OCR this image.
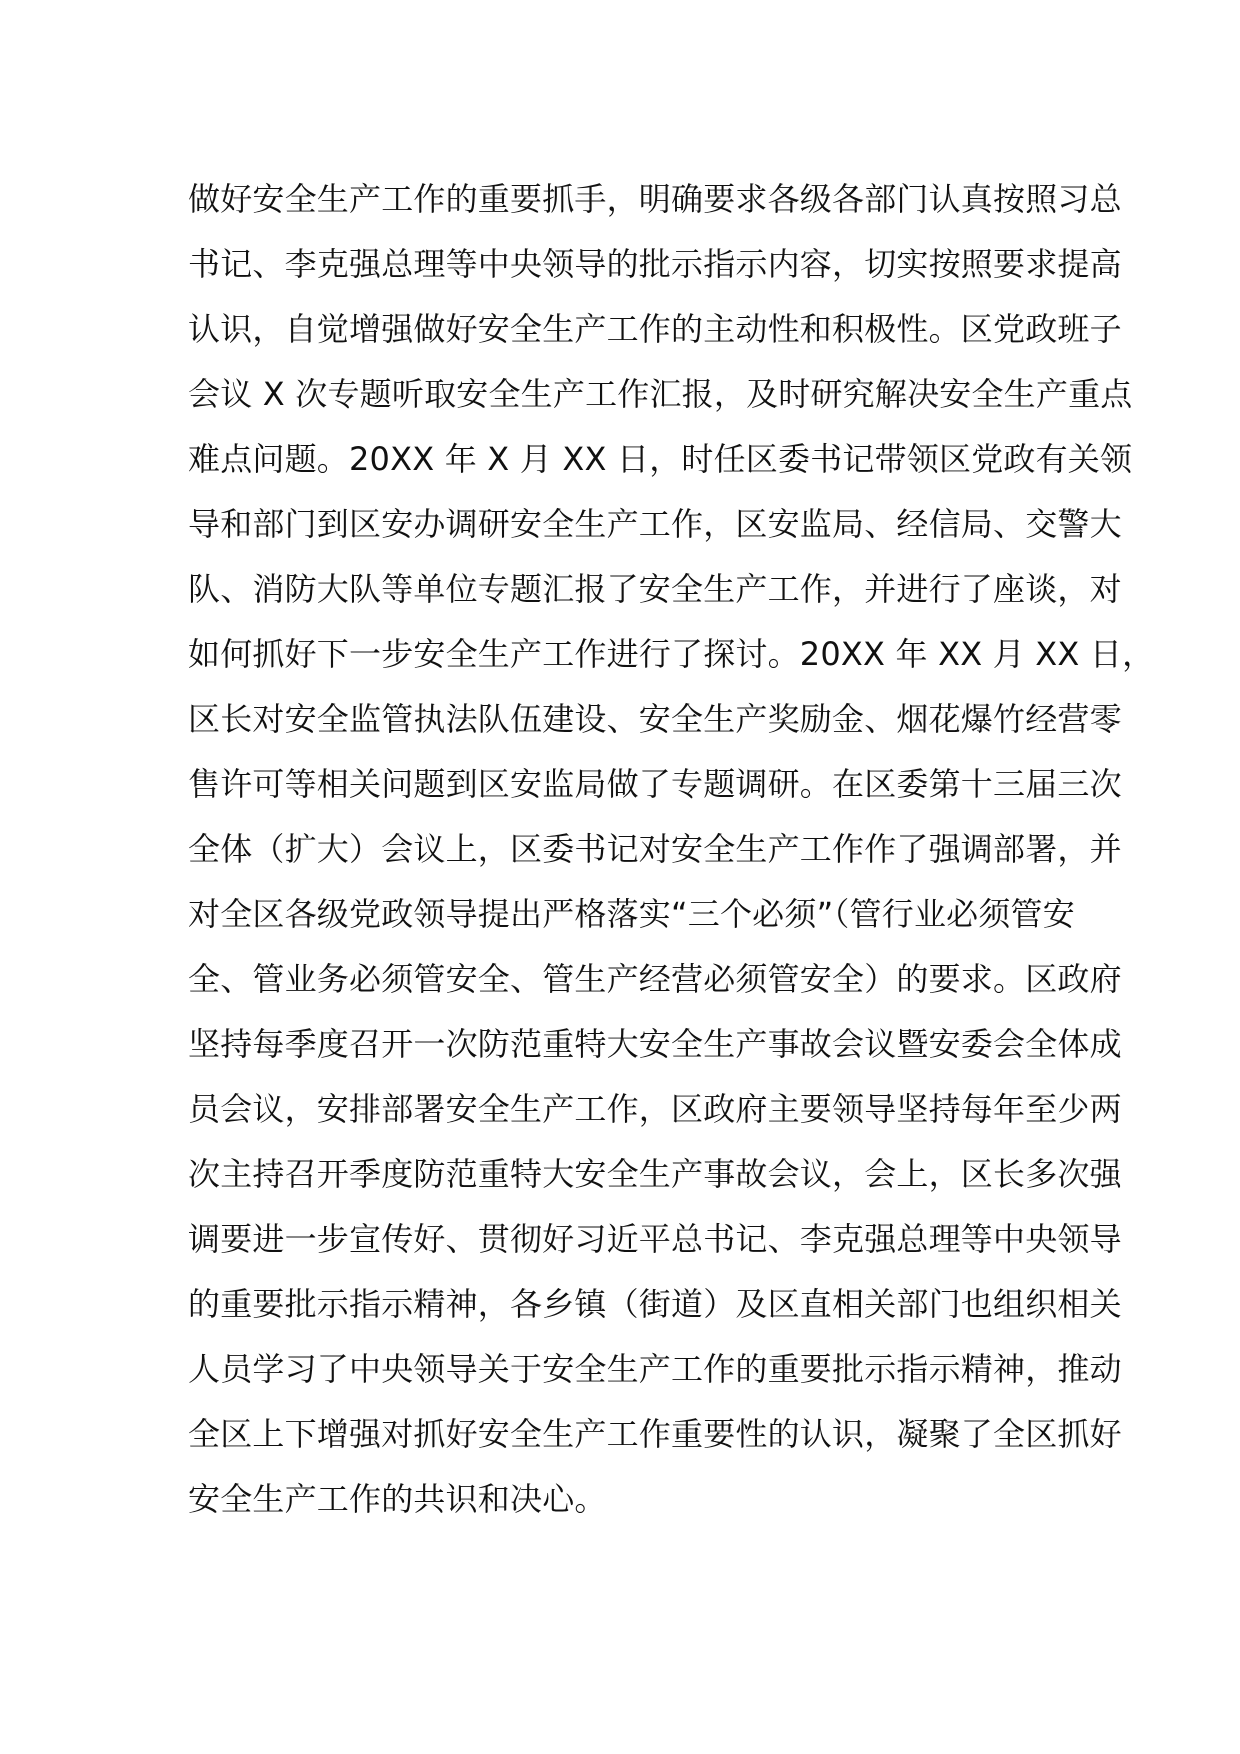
做好安全生产工作的重要抓手，明确要求各级各部门认真按照习总
书记、李克强总理等中央领导的批示指示内容，切实按照要求提高
认识，自觉增强做好安全生产工作的主动性和积极性。区党政班子
会议 X 次专题听取安全生产工作汇报，及时研究解决安全生产重点
难点问题。20XX 年 X 月 XX 日，时任区委书记带领区党政有关领
导和部门到区安办调研安全生产工作，区安监局、经信局、交警大
队、消防大队等单位专题汇报了安全生产工作，并进行了座谈，对
如何抓好下一步安全生产工作进行了探讨。20XX 年 XX 月 XX 日，
区长对安全监管执法队伍建设、安全生产奖励金、烟花爆竹经营零
售许可等相关问题到区安监局做了专题调研。在区委第十三届三次
全体（扩大）会议上，区委书记对安全生产工作作了强调部署，并
对全区各级党政领导提出严格落实“三个必须”（管行业必须管安
全、管业务必须管安全、管生产经营必须管安全）的要求。区政府
坚持每季度召开一次防范重特大安全生产事故会议暨安委会全体成
员会议，安排部署安全生产工作，区政府主要领导坚持每年至少两
次主持召开季度防范重特大安全生产事故会议，会上，区长多次强
调要进一步宣传好、贯彻好习近平总书记、李克强总理等中央领导
的重要批示指示精神，各乡镇（街道）及区直相关部门也组织相关
人员学习了中央领导关于安全生产工作的重要批示指示精神，推动
全区上下增强对抓好安全生产工作重要性的认识，凝聚了全区抓好
安全生产工作的共识和决心。
